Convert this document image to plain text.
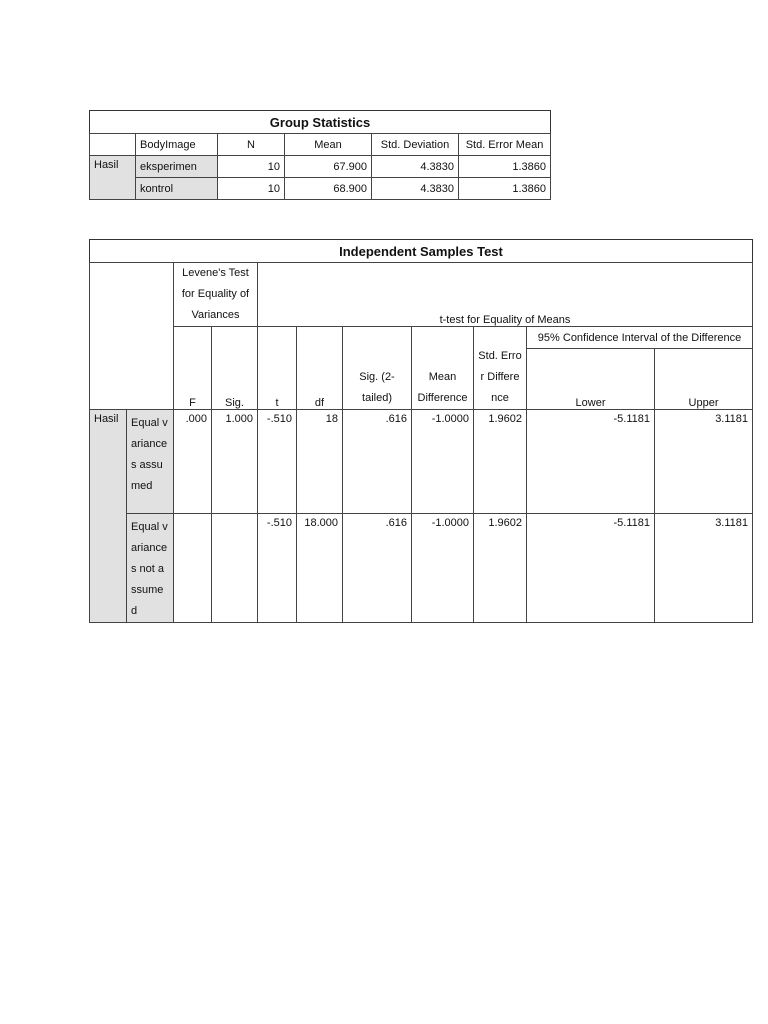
Group Statistics					
	BodyImage	N	Mean	Std. Deviation	Std. Error Mean
Hasil	eksperimen	10	67.900	4.3830	1.3860
	kontrol	10	68.900	4.3830	1.3860
Independent Samples Test										
		Levene's Test for Equality of Variances		t-test for Equality of Means						
		F	Sig.	t	df	Sig. (2-tailed)	Mean Difference	Std. Error Difference	95% Confidence Interval of the Difference	
									Lower	Upper
Hasil	Equal variances assumed	.000	1.000	-.510	18	.616	-1.0000	1.9602	-5.1181	3.1181
	Equal variances not assumed			-.510	18.000	.616	-1.0000	1.9602	-5.1181	3.1181
